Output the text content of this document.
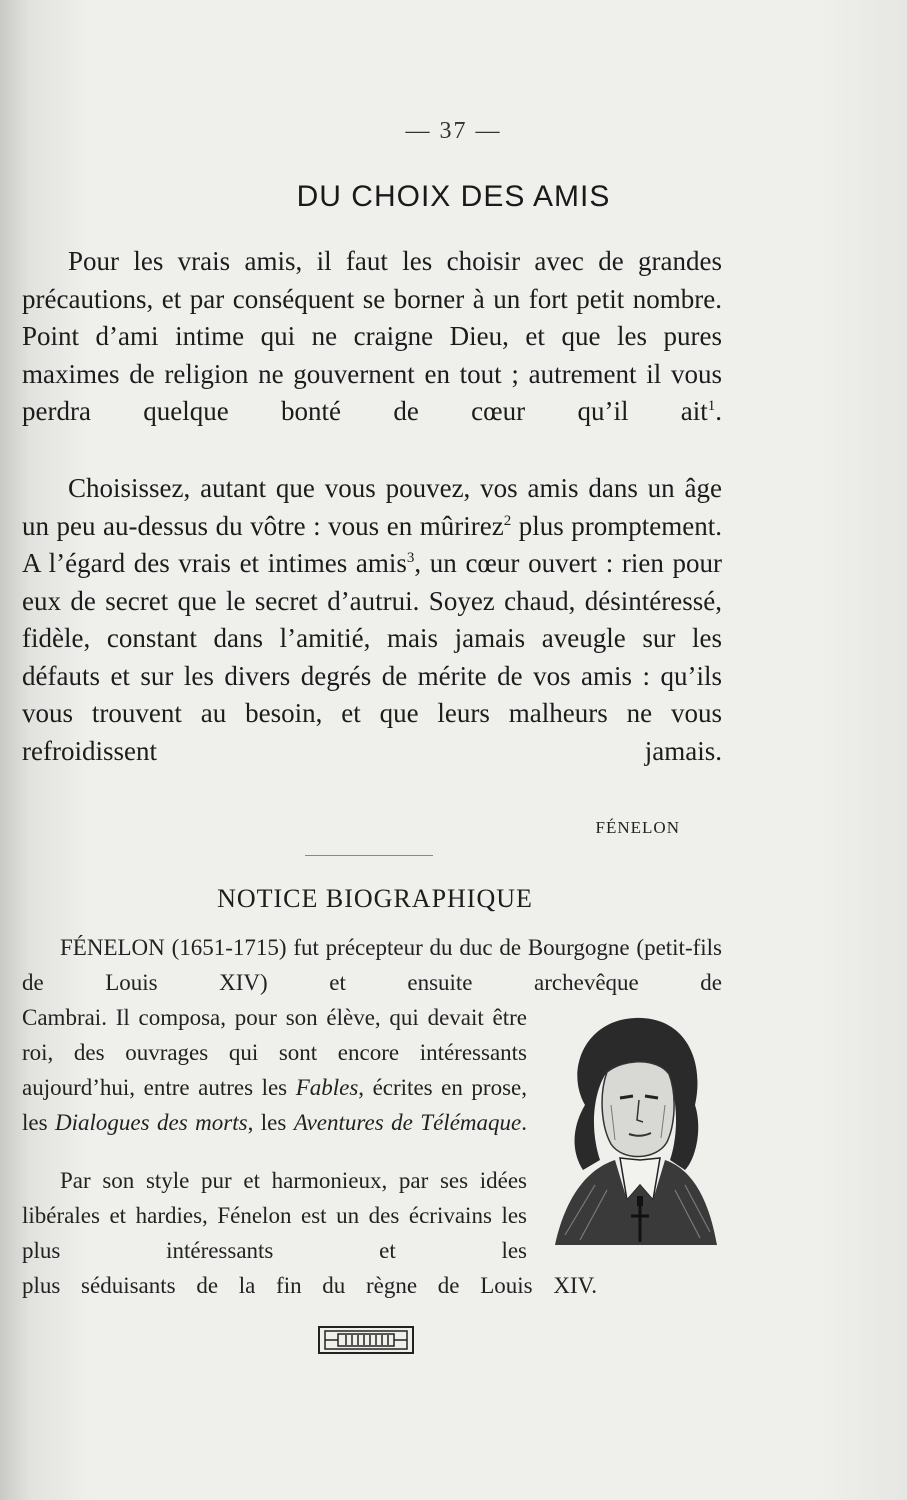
— 37 —
DU CHOIX DES AMIS

Pour les vrais amis, il faut les choisir avec de grandes précautions, et par conséquent se borner à un fort petit nombre. Point d’ami intime qui ne craigne Dieu, et que les pures maximes de religion ne gouvernent en tout ; autrement il vous perdra quelque bonté de cœur qu’il ait$^1$.

Choisissez, autant que vous pouvez, vos amis dans un âge un peu au-dessus du vôtre : vous en mûrirez$^2$ plus promptement. A l’égard des vrais et intimes amis$^3$, un cœur ouvert : rien pour eux de secret que le secret d’autrui. Soyez chaud, désintéressé, fidèle, constant dans l’amitié, mais jamais aveugle sur les défauts et sur les divers degrés de mérite de vos amis : qu’ils vous trouvent au besoin, et que leurs malheurs ne vous refroidissent jamais.

FÉNELON
NOTICE BIOGRAPHIQUE

FÉNELON (1651-1715) fut précepteur du duc de Bourgogne (petit-fils de Louis XIV) et ensuite archevêque de

Cambrai. Il composa, pour son élève, qui devait être roi, des ouvrages qui sont encore intéressants aujourd’hui, entre autres les Fables, écrites en prose, les Dialogues des morts, les Aventures de Télémaque.

Par son style pur et harmonieux, par ses idées libérales et hardies, Fénelon est un des écrivains les plus intéressants et les

plus séduisants de la fin du règne de Louis XIV.
